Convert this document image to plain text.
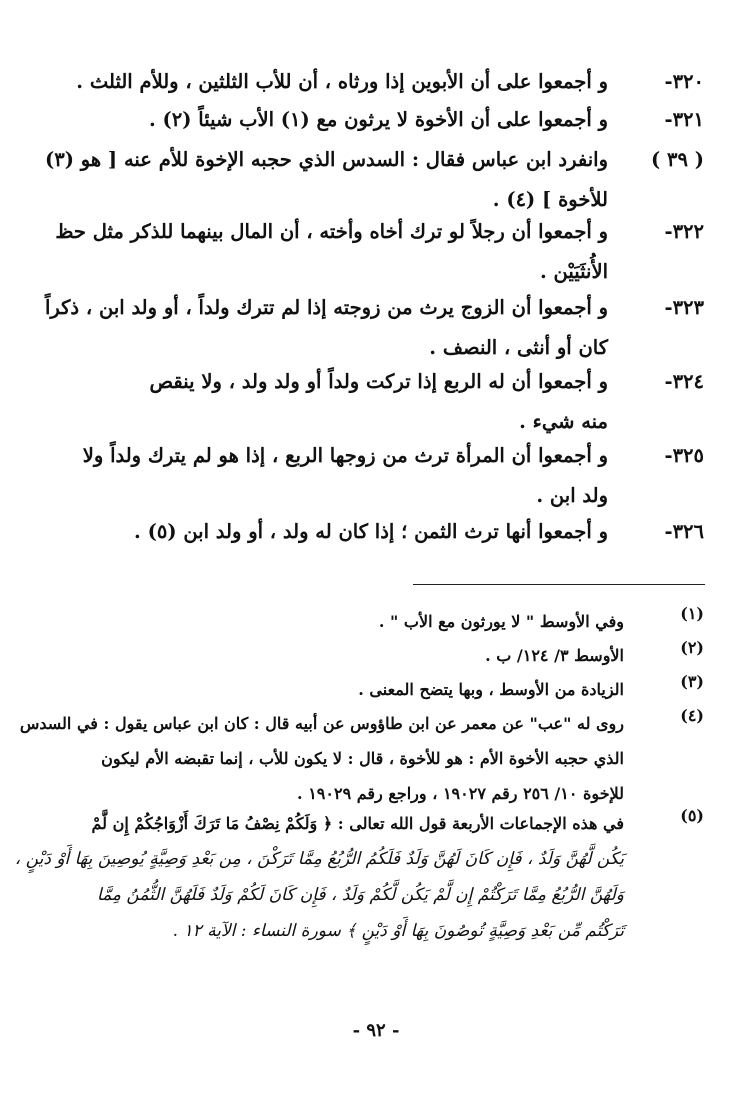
٣٢٠-و أجمعوا على أن الأبوين إذا ورثاه ، أن للأب الثلثين ، وللأم الثلث .
٣٢١-و أجمعوا على أن الأخوة لا يرثون مع (١) الأب شيئاً (٢) .
( ٣٩ )وانفرد ابن عباس فقال : السدس الذي حجبه الإخوة للأم عنه [ هو (٣)
للأخوة ] (٤) .
٣٢٢-و أجمعوا أن رجلاً لو ترك أخاه وأخته ، أن المال بينهما للذكر مثل حظ
الأُنثَيَيْن .
٣٢٣-و أجمعوا أن الزوج يرث من زوجته إذا لم تترك ولداً ، أو ولد ابن ، ذكراً
كان أو أنثى ، النصف .
٣٢٤-و أجمعوا أن له الربع إذا تركت ولداً أو ولد ولد ، ولا ينقص
منه شيء .
٣٢٥-و أجمعوا أن المرأة ترث من زوجها الربع ، إذا هو لم يترك ولداً ولا
ولد ابن .
٣٢٦-و أجمعوا أنها ترث الثمن ؛ إذا كان له ولد ، أو ولد ابن (٥) .
(١)
وفي الأوسط " لا يورثون مع الأب " .
(٢)
الأوسط ٣/ ١٢٤/ ب .
(٣)
الزيادة من الأوسط ، وبها يتضح المعنى .
(٤)
روى له "عب" عن معمر عن ابن طاؤوس عن أبيه قال : كان ابن عباس يقول : في السدس
الذي حجبه الأخوة الأم : هو للأخوة ، قال : لا يكون للأب ، إنما تقبضه الأم ليكون
للإخوة ١٠/ ٢٥٦ رقم ١٩٠٢٧ ، وراجع رقم ١٩٠٢٩ .
(٥)
في هذه الإجماعات الأربعة قول الله تعالى : ﴿ وَلَكُمْ نِصْفُ مَا تَرَكَ أَزْوَاجُكُمْ إِن لَّمْ
يَكُن لَّهُنَّ وَلَدٌ ، فَإِن كَانَ لَهُنَّ وَلَدٌ فَلَكُمُ الرُّبُعُ مِمَّا تَرَكْنَ ، مِن بَعْدِ وَصِيَّةٍ يُوصِينَ بِهَا أَوْ دَيْنٍ ،
وَلَهُنَّ الرُّبُعُ مِمَّا تَرَكْتُمْ إِن لَّمْ يَكُن لَّكُمْ وَلَدٌ ، فَإِن كَانَ لَكُمْ وَلَدٌ فَلَهُنَّ الثُّمُنُ مِمَّا
تَرَكْتُم مِّن بَعْدِ وَصِيَّةٍ تُوصُونَ بِهَا أَوْ دَيْنٍ ﴾ سورة النساء : الآية ١٢ .
- ٩٢ -
